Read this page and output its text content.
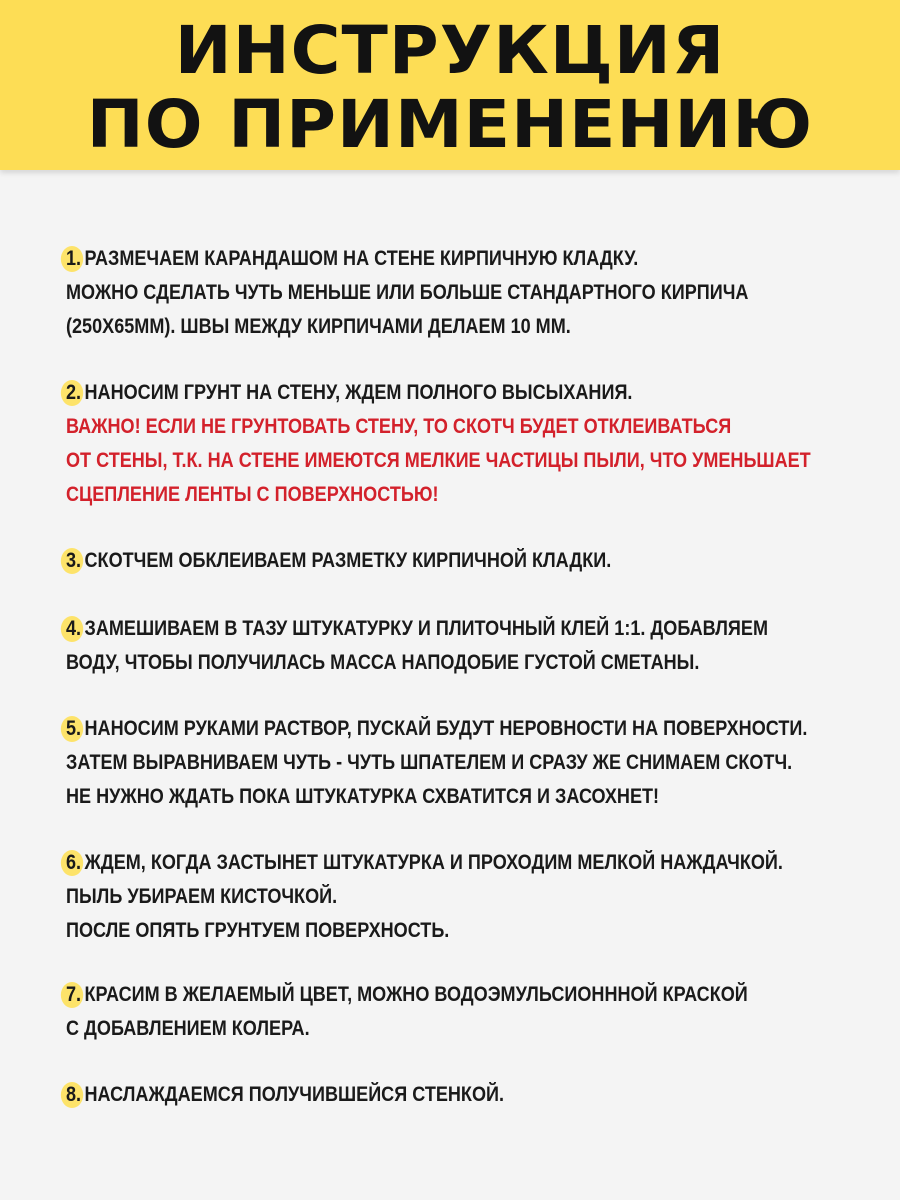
ИНСТРУКЦИЯ
ПО ПРИМЕНЕНИЮ
1. РАЗМЕЧАЕМ КАРАНДАШОМ НА СТЕНЕ КИРПИЧНУЮ КЛАДКУ.
МОЖНО СДЕЛАТЬ ЧУТЬ МЕНЬШЕ ИЛИ БОЛЬШЕ СТАНДАРТНОГО КИРПИЧА
(250Х65ММ). ШВЫ МЕЖДУ КИРПИЧАМИ ДЕЛАЕМ 10 ММ.
2. НАНОСИМ ГРУНТ НА СТЕНУ, ЖДЕМ ПОЛНОГО ВЫСЫХАНИЯ.
ВАЖНО! ЕСЛИ НЕ ГРУНТОВАТЬ СТЕНУ, ТО СКОТЧ БУДЕТ ОТКЛЕИВАТЬСЯ
ОТ СТЕНЫ, Т.К. НА СТЕНЕ ИМЕЮТСЯ МЕЛКИЕ ЧАСТИЦЫ ПЫЛИ, ЧТО УМЕНЬШАЕТ
СЦЕПЛЕНИЕ ЛЕНТЫ С ПОВЕРХНОСТЬЮ!
3. СКОТЧЕМ ОБКЛЕИВАЕМ РАЗМЕТКУ КИРПИЧНОЙ КЛАДКИ.
4. ЗАМЕШИВАЕМ В ТАЗУ ШТУКАТУРКУ И ПЛИТОЧНЫЙ КЛЕЙ 1:1. ДОБАВЛЯЕМ
ВОДУ, ЧТОБЫ ПОЛУЧИЛАСЬ МАССА НАПОДОБИЕ ГУСТОЙ СМЕТАНЫ.
5. НАНОСИМ РУКАМИ РАСТВОР, ПУСКАЙ БУДУТ НЕРОВНОСТИ НА ПОВЕРХНОСТИ.
ЗАТЕМ ВЫРАВНИВАЕМ ЧУТЬ - ЧУТЬ ШПАТЕЛЕМ И СРАЗУ ЖЕ СНИМАЕМ СКОТЧ.
НЕ НУЖНО ЖДАТЬ ПОКА ШТУКАТУРКА СХВАТИТСЯ И ЗАСОХНЕТ!
6. ЖДЕМ, КОГДА ЗАСТЫНЕТ ШТУКАТУРКА И ПРОХОДИМ МЕЛКОЙ НАЖДАЧКОЙ.
ПЫЛЬ УБИРАЕМ КИСТОЧКОЙ.
ПОСЛЕ ОПЯТЬ ГРУНТУЕМ ПОВЕРХНОСТЬ.
7. КРАСИМ В ЖЕЛАЕМЫЙ ЦВЕТ, МОЖНО ВОДОЭМУЛЬСИОНННОЙ КРАСКОЙ
С ДОБАВЛЕНИЕМ КОЛЕРА.
8. НАСЛАЖДАЕМСЯ ПОЛУЧИВШЕЙСЯ СТЕНКОЙ.
